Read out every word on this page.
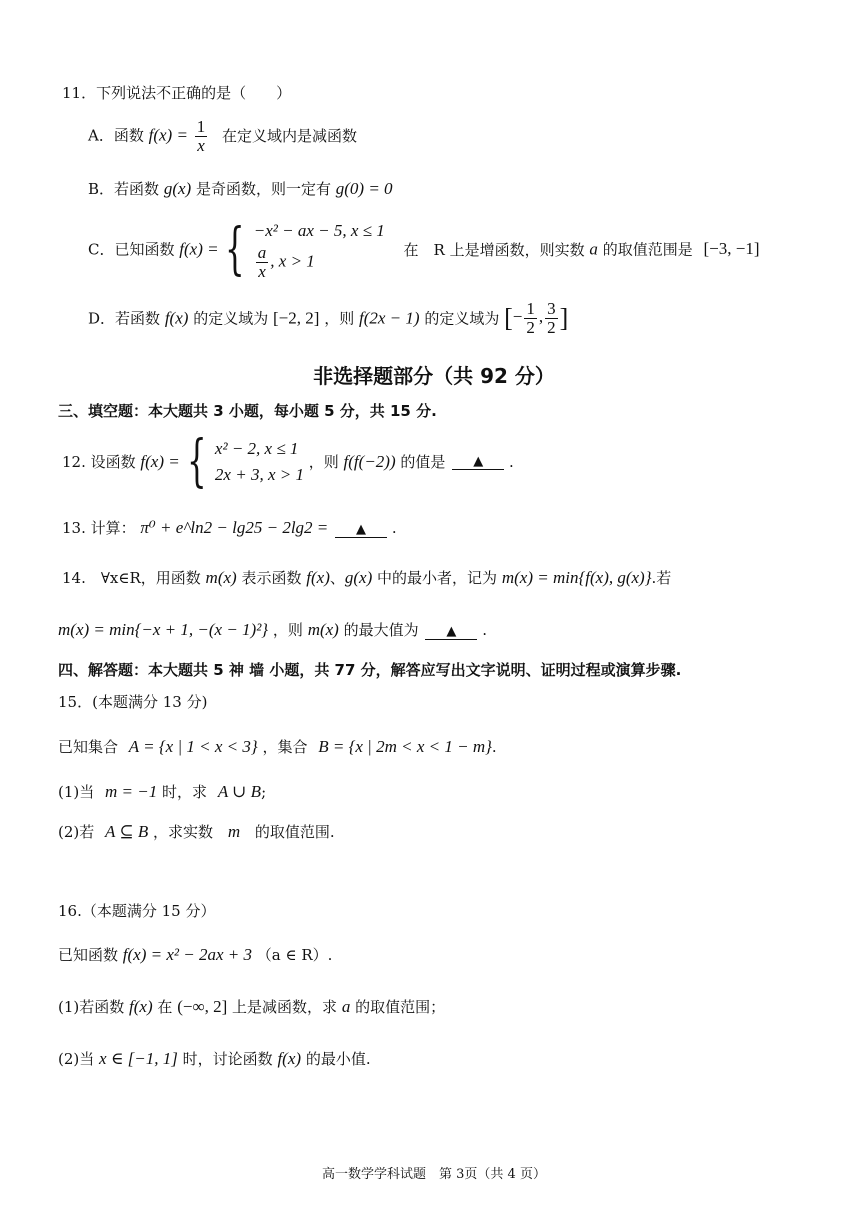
11．下列说法不正确的是（　　）
A．函数 $f(x) = \frac{1}{x}$ 在定义域内是减函数
B．若函数 g(x) 是奇函数，则一定有 g(0) = 0
C．已知函数 f(x) = { −x² − ax − 5, x ≤ 1
$\frac{a}{x}$ , x > 1
在　R 上是增函数，则实数 a 的取值范围是 [−3, −1]
D．若函数 f(x) 的定义域为 [−2, 2] ，则 f(2x − 1) 的定义域为 [− $\frac{1}{2}$ , $\frac{3}{2}$ ]
非选择题部分（共 92 分）
三、填空题：本大题共 3 小题，每小题 5 分，共 15 分.
12. 设函数 f(x) = { x² − 2, x ≤ 1
2x + 3, x > 1
，则 f(f(−2)) 的值是 ▲ .
13. 计算： π⁰ + e^ln2 − lg25 − 2lg2 = ▲ .
14.　∀x∈R，用函数 m(x) 表示函数 f(x)、g(x) 中的最小者，记为 m(x) = min{f(x), g(x)}.若
m(x) = min{−x + 1, −(x − 1)²} ，则 m(x) 的最大值为 ▲ .
四、解答题：本大题共 5 神 墙 小题，共 77 分，解答应写出文字说明、证明过程或演算步骤.
15．(本题满分 13 分)
已知集合 A = {x | 1 < x < 3} ，集合 B = {x | 2m < x < 1 − m}.
(1)当 m = −1 时，求 A ∪ B;
(2)若 A ⊆ B ，求实数 m 的取值范围.
16.（本题满分 15 分）
已知函数 f(x) = x² − 2ax + 3 （a ∈ R）.
(1)若函数 f(x) 在 (−∞, 2] 上是减函数，求 a 的取值范围；
(2)当 x ∈ [−1, 1] 时，讨论函数 f(x) 的最小值.
高一数学学科试题　第 3页（共 4 页）
